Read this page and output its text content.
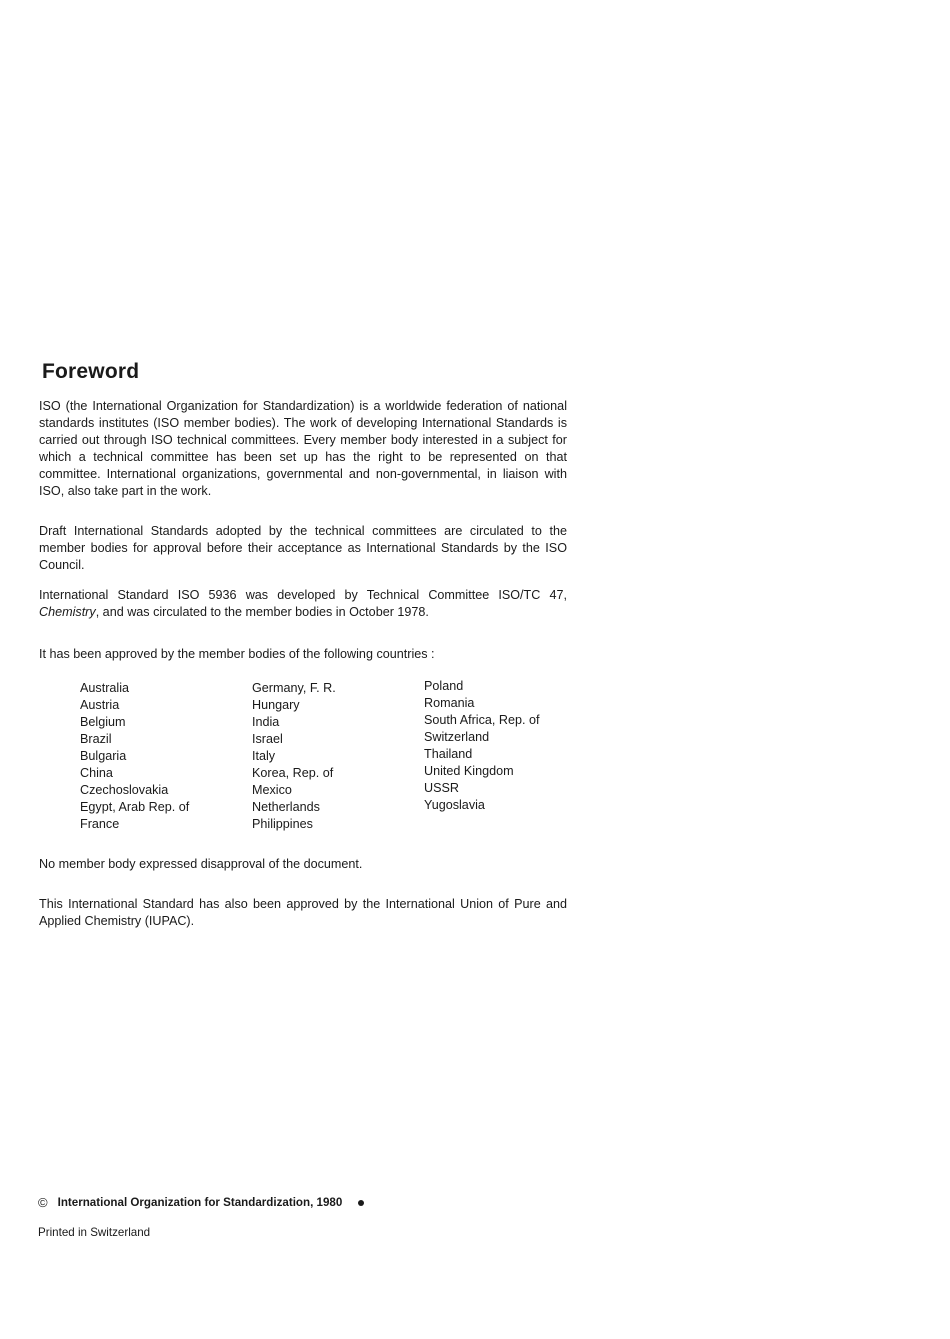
Foreword

ISO (the International Organization for Standardization) is a worldwide federation of national standards institutes (ISO member bodies). The work of developing International Standards is carried out through ISO technical committees. Every member body interested in a subject for which a technical committee has been set up has the right to be represented on that committee. International organizations, governmental and non-governmental, in liaison with ISO, also take part in the work.

Draft International Standards adopted by the technical committees are circulated to the member bodies for approval before their acceptance as International Standards by the ISO Council.

International Standard ISO 5936 was developed by Technical Committee ISO/TC 47, Chemistry, and was circulated to the member bodies in October 1978.

It has been approved by the member bodies of the following countries :

Australia
Austria
Belgium
Brazil
Bulgaria
China
Czechoslovakia
Egypt, Arab Rep. of
France
Germany, F. R.
Hungary
India
Israel
Italy
Korea, Rep. of
Mexico
Netherlands
Philippines
Poland
Romania
South Africa, Rep. of
Switzerland
Thailand
United Kingdom
USSR
Yugoslavia

No member body expressed disapproval of the document.

This International Standard has also been approved by the International Union of Pure and Applied Chemistry (IUPAC).

© International Organization for Standardization, 1980
Printed in Switzerland
